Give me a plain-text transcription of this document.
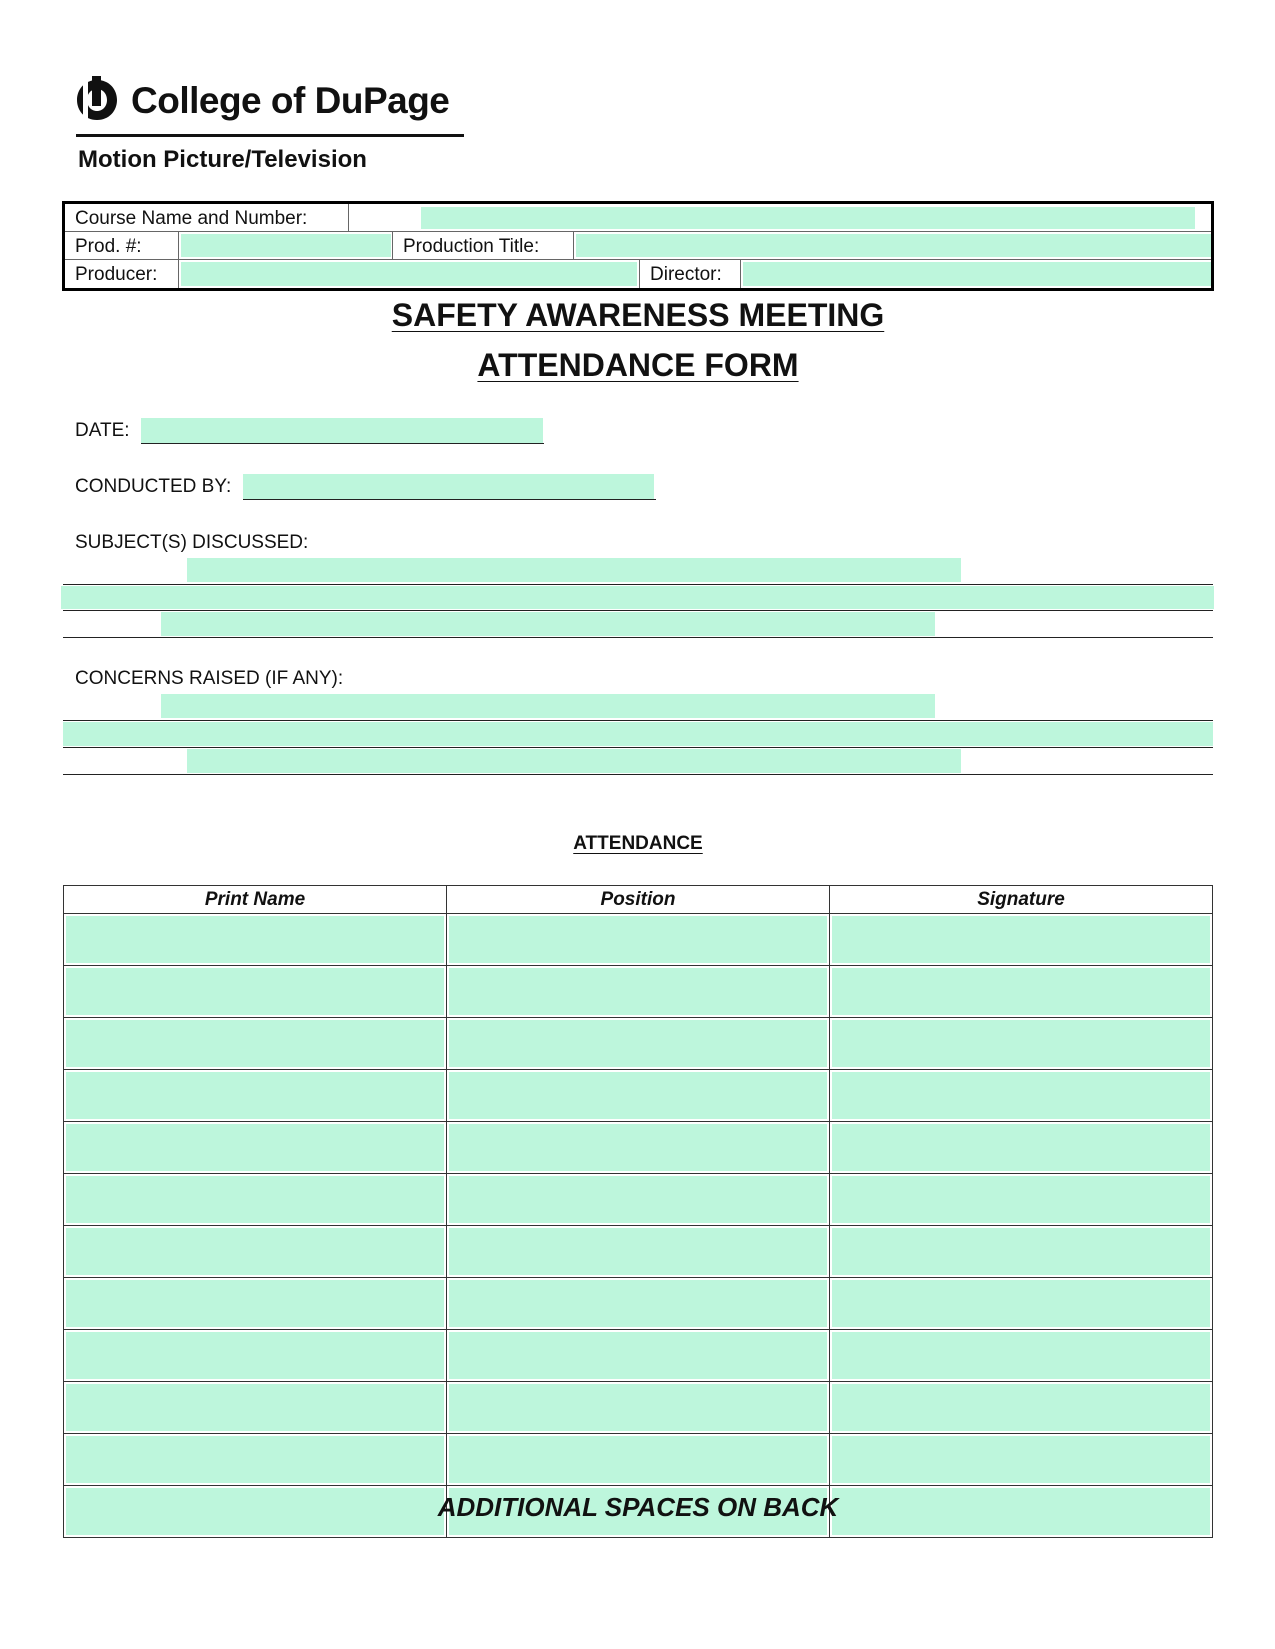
College of DuPage
Motion Picture/Television
Course Name and Number:
Prod. #:	Production Title:
Producer:	Director:
SAFETY AWARENESS MEETING
ATTENDANCE FORM
DATE:
CONDUCTED BY:
SUBJECT(S) DISCUSSED:
CONCERNS RAISED (IF ANY):
ATTENDANCE
Print Name	Position	Signature

ADDITIONAL SPACES ON BACK
